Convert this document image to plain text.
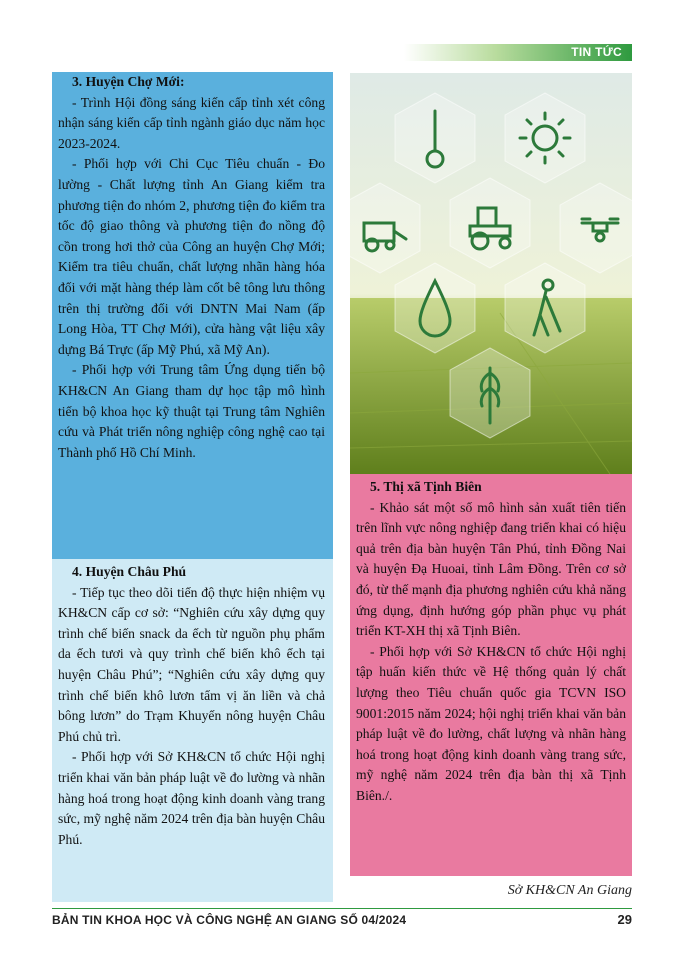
TIN TỨC
3. Huyện Chợ Mới:

- Trình Hội đồng sáng kiến cấp tỉnh xét công nhận sáng kiến cấp tỉnh ngành giáo dục năm học 2023-2024.

- Phối hợp với Chi Cục Tiêu chuẩn - Đo lường - Chất lượng tỉnh An Giang kiểm tra phương tiện đo nhóm 2, phương tiện đo kiểm tra tốc độ giao thông và phương tiện đo nồng độ cồn trong hơi thở của Công an huyện Chợ Mới; Kiểm tra tiêu chuẩn, chất lượng nhãn hàng hóa đối với mặt hàng thép làm cốt bê tông lưu thông trên thị trường đối với DNTN Mai Nam (ấp Long Hòa, TT Chợ Mới), cửa hàng vật liệu xây dựng Bá Trực (ấp Mỹ Phú, xã Mỹ An).

- Phối hợp với Trung tâm Ứng dụng tiến bộ KH&CN An Giang tham dự học tập mô hình tiến bộ khoa học kỹ thuật tại Trung tâm Nghiên cứu và Phát triển nông nghiệp công nghệ cao tại Thành phố Hồ Chí Minh.

4. Huyện Châu Phú

- Tiếp tục theo dõi tiến độ thực hiện nhiệm vụ KH&CN cấp cơ sở: “Nghiên cứu xây dựng quy trình chế biến snack da ếch từ nguồn phụ phẩm da ếch tươi và quy trình chế biến khô ếch tại huyện Châu Phú”; “Nghiên cứu xây dựng quy trình chế biến khô lươn tẩm vị ăn liền và chả bông lươn” do Trạm Khuyến nông huyện Châu Phú chủ trì.

- Phối hợp với Sở KH&CN tổ chức Hội nghị triển khai văn bản pháp luật về đo lường và nhãn hàng hoá trong hoạt động kinh doanh vàng trang sức, mỹ nghệ năm 2024 trên địa bàn huyện Châu Phú.

5. Thị xã Tịnh Biên

- Khảo sát một số mô hình sản xuất tiên tiến trên lĩnh vực nông nghiệp đang triển khai có hiệu quả trên địa bàn huyện Tân Phú, tỉnh Đồng Nai và huyện Đạ Huoai, tỉnh Lâm Đồng. Trên cơ sở đó, từ thế mạnh địa phương nghiên cứu khả năng ứng dụng, định hướng góp phần phục vụ phát triển KT-XH thị xã Tịnh Biên.

- Phối hợp với Sở KH&CN tổ chức Hội nghị tập huấn kiến thức về Hệ thống quản lý chất lượng theo Tiêu chuẩn quốc gia TCVN ISO 9001:2015 năm 2024; hội nghị triển khai văn bản pháp luật về đo lường, chất lượng và nhãn hàng hoá trong hoạt động kinh doanh vàng trang sức, mỹ nghệ năm 2024 trên địa bàn thị xã Tịnh Biên./.

Sở KH&CN An Giang
BẢN TIN KHOA HỌC VÀ CÔNG NGHỆ AN GIANG SỐ 04/2024	29
